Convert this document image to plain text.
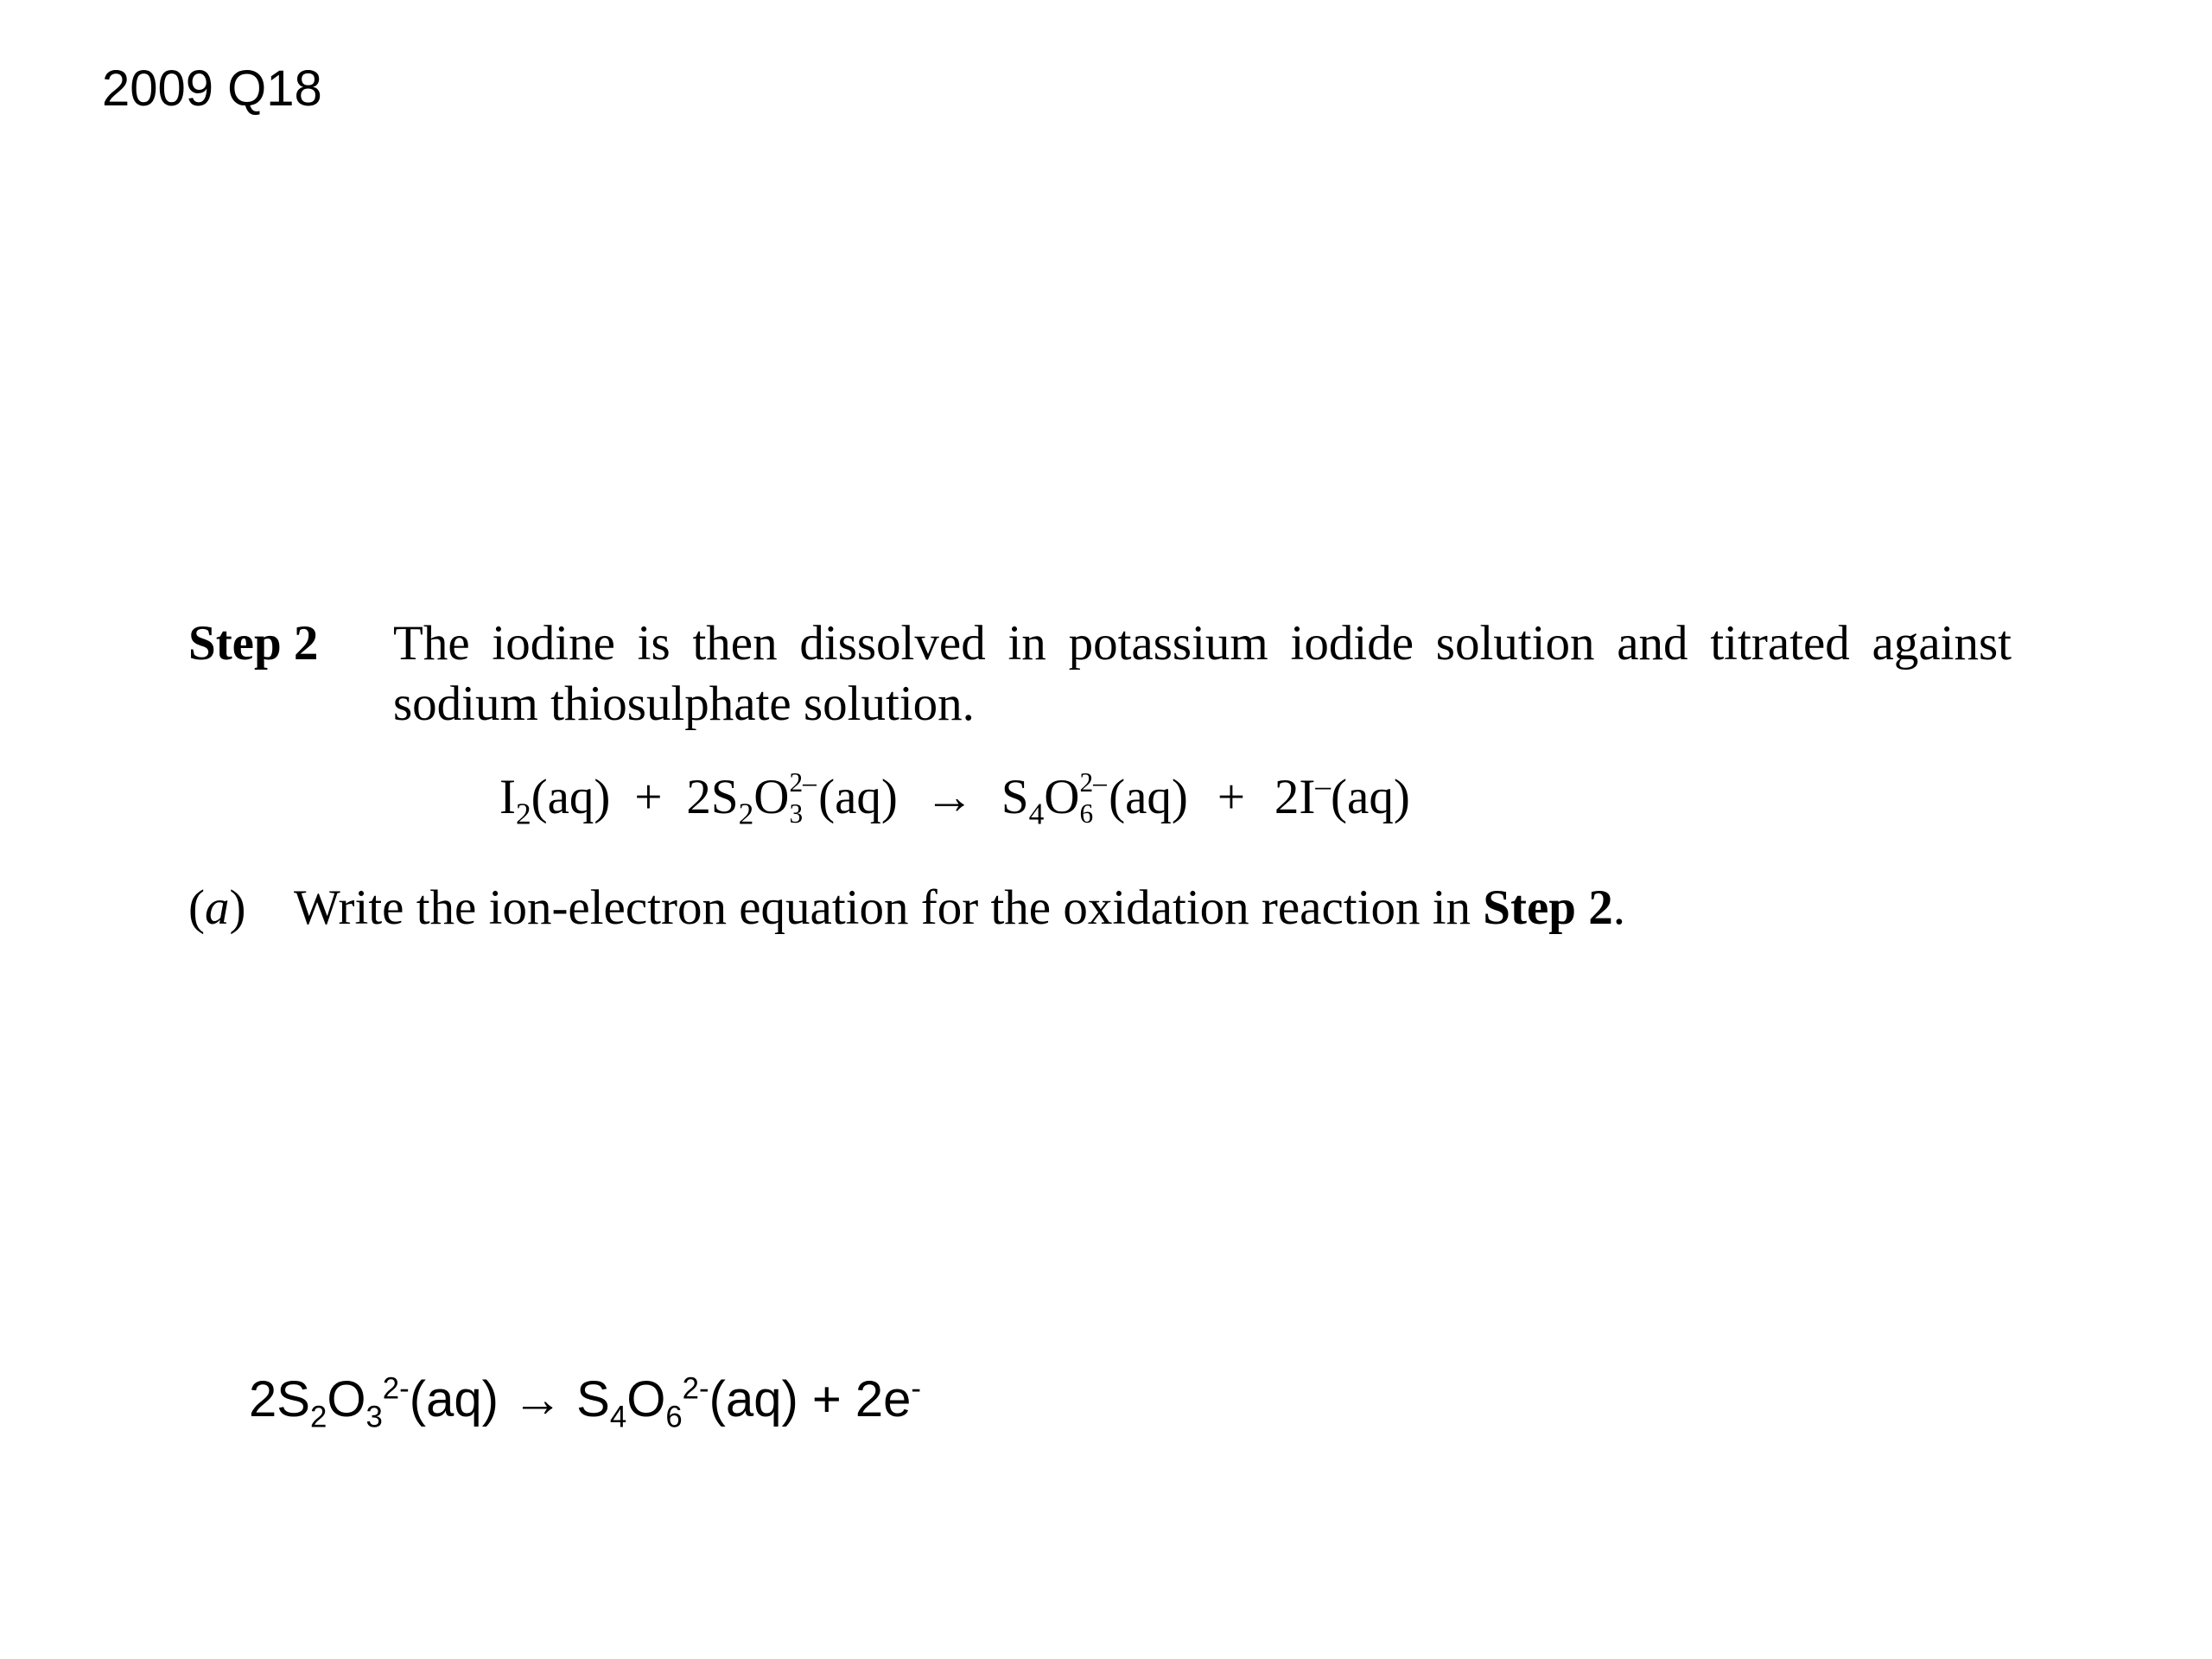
2009 Q18
Step 2	The iodine is then dissolved in potassium iodide solution and titrated against sodium thiosulphate solution.
$I_2(aq) + 2S_2O$ 2–
3 $(aq) \to S_4O$ 2–
6 (aq) + 2I–(aq)
(a) Write the ion-electron equation for the oxidation reaction in Step 2.
$2S_2O_3^{2-}(aq) \to S_4O_6^{2-}(aq) + 2e^-$
